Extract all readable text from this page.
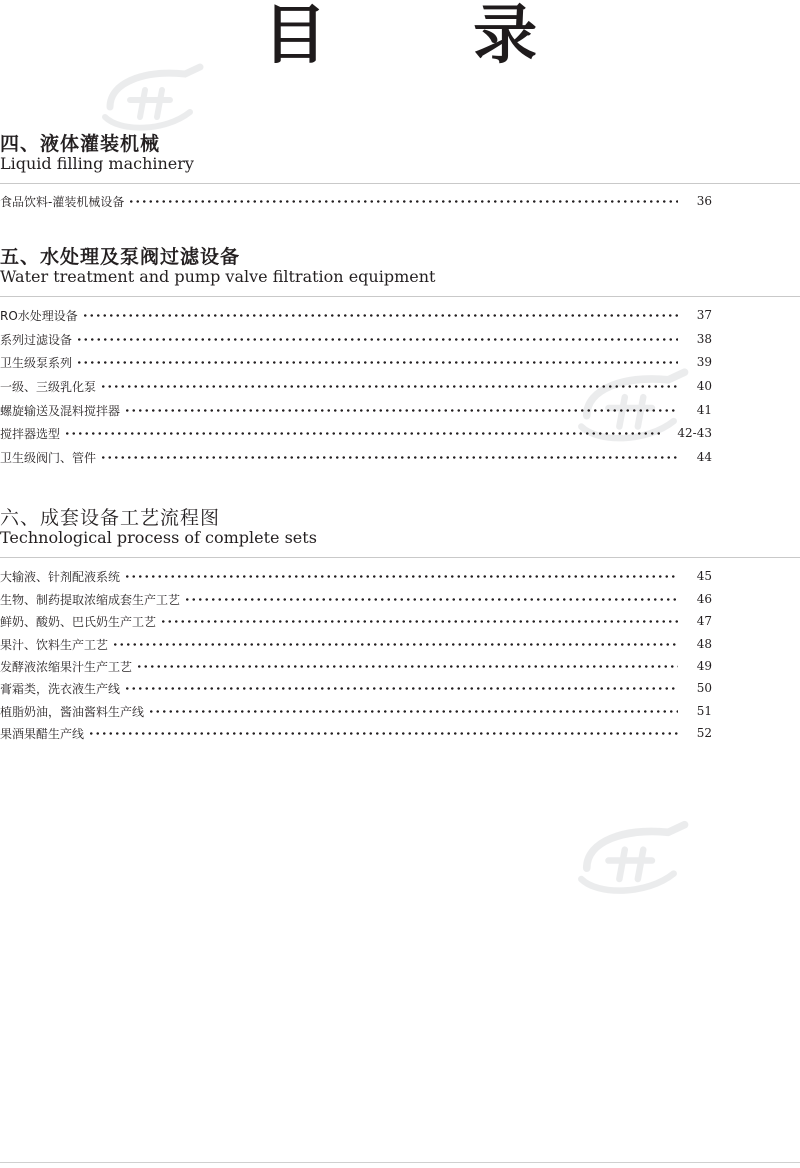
目 录
四、液体灌装机械
Liquid filling machinery
食品饮料-灌装机械设备	36
五、水处理及泵阀过滤设备
Water treatment and pump valve filtration equipment
RO水处理设备	37
系列过滤设备	38
卫生级泵系列	39
一级、三级乳化泵	40
螺旋输送及混料搅拌器	41
搅拌器选型	42-43
卫生级阀门、管件	44
六、成套设备工艺流程图
Technological process of complete sets
大输液、针剂配液系统	45
生物、制药提取浓缩成套生产工艺	46
鲜奶、酸奶、巴氏奶生产工艺	47
果汁、饮料生产工艺	48
发酵液浓缩果汁生产工艺	49
膏霜类，洗衣液生产线	50
植脂奶油，酱油酱料生产线	51
果酒果醋生产线	52
